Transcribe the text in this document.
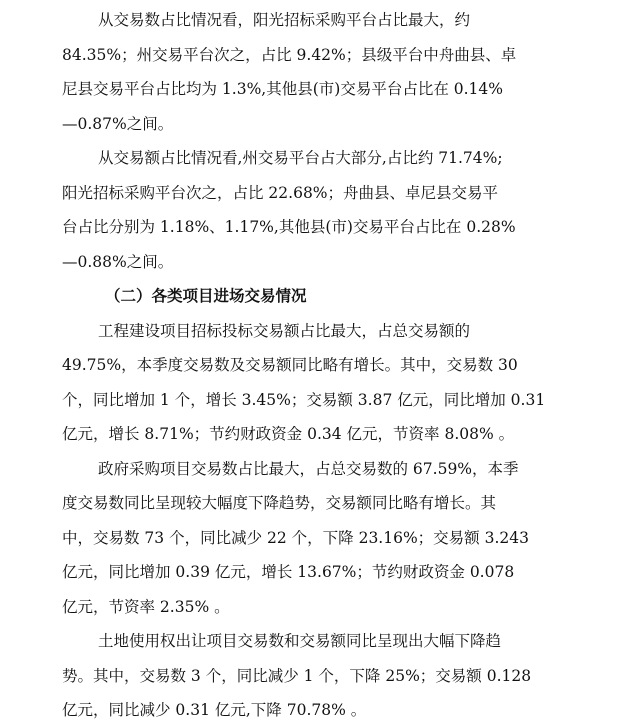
从交易数占比情况看，阳光招标采购平台占比最大，约
84.35%；州交易平台次之，占比 9.42%；县级平台中舟曲县、卓
尼县交易平台占比均为 1.3%,其他县(市)交易平台占比在 0.14%
—0.87%之间。
从交易额占比情况看,州交易平台占大部分,占比约 71.74%;
阳光招标采购平台次之，占比 22.68%；舟曲县、卓尼县交易平
台占比分别为 1.18%、1.17%,其他县(市)交易平台占比在 0.28%
—0.88%之间。
（二）各类项目进场交易情况
工程建设项目招标投标交易额占比最大，占总交易额的
49.75%，本季度交易数及交易额同比略有增长。其中，交易数 30
个，同比增加 1 个，增长 3.45%；交易额 3.87 亿元，同比增加 0.31
亿元，增长 8.71%；节约财政资金 0.34 亿元，节资率 8.08% 。
政府采购项目交易数占比最大，占总交易数的 67.59%，本季
度交易数同比呈现较大幅度下降趋势，交易额同比略有增长。其
中，交易数 73 个，同比减少 22 个，下降 23.16%；交易额 3.243
亿元，同比增加 0.39 亿元，增长 13.67%；节约财政资金 0.078
亿元，节资率 2.35% 。
土地使用权出让项目交易数和交易额同比呈现出大幅下降趋
势。其中，交易数 3 个，同比减少 1 个，下降 25%；交易额 0.128
亿元，同比减少 0.31 亿元,下降 70.78% 。
